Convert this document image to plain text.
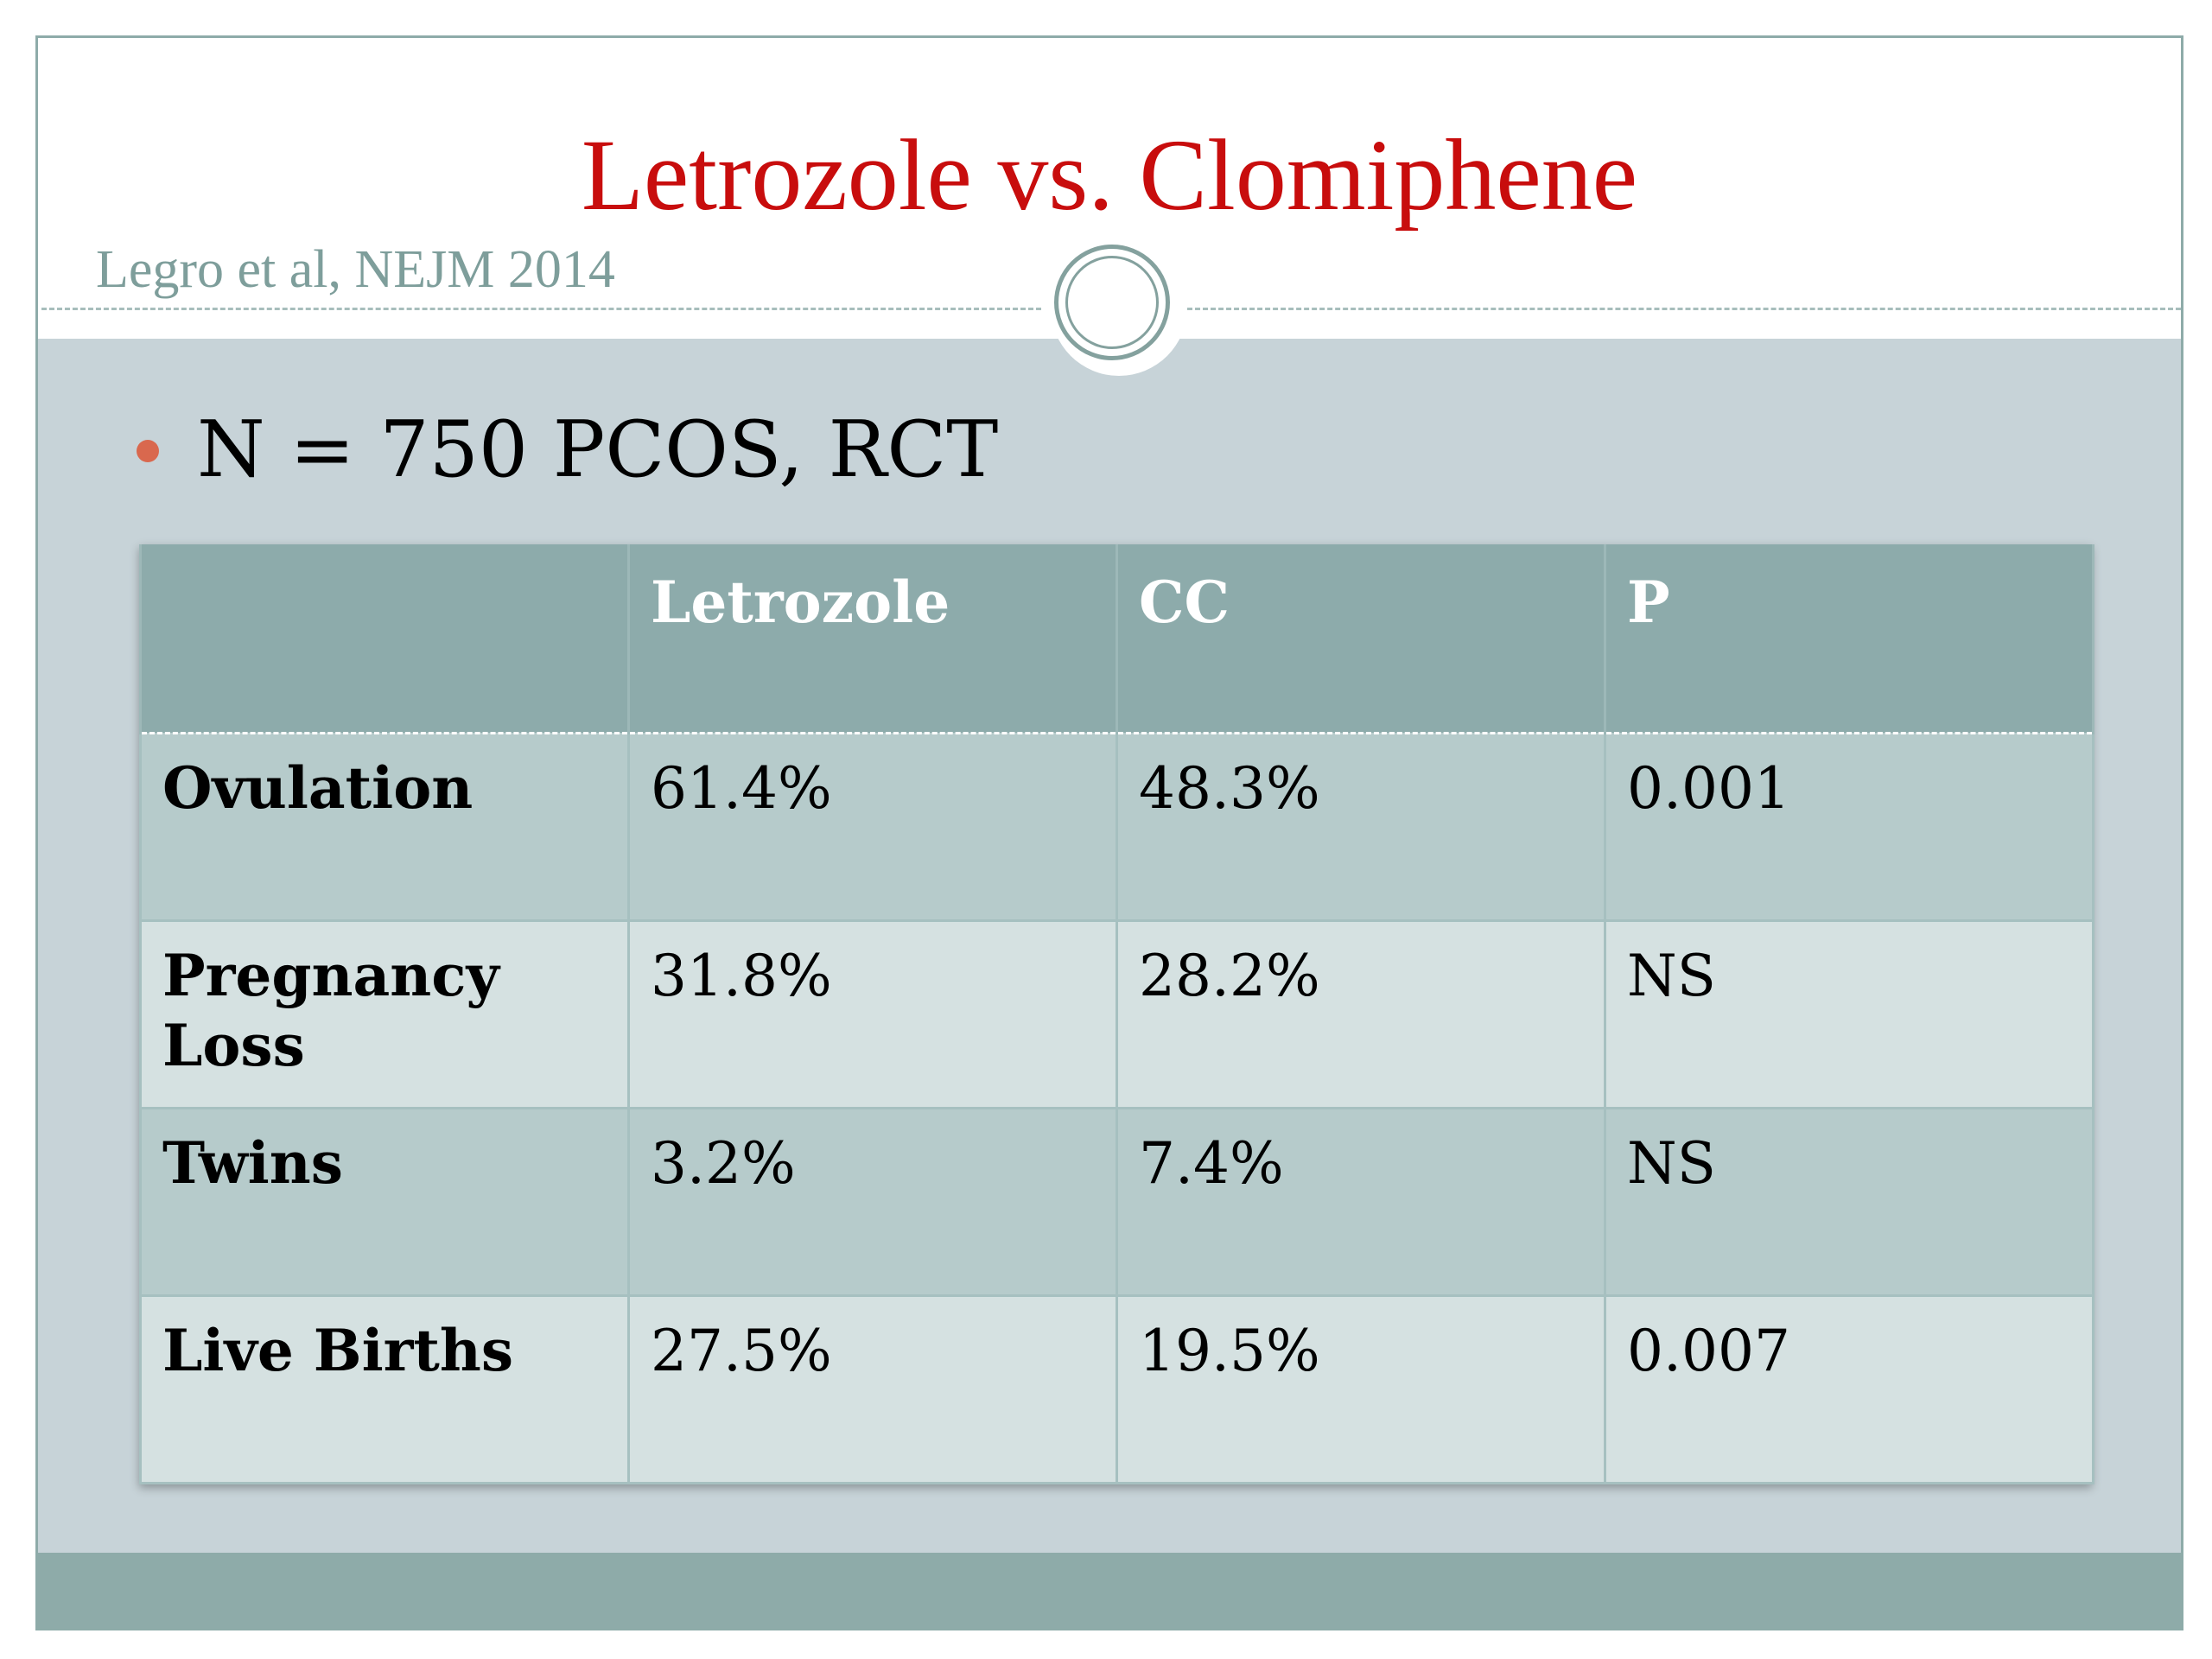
Letrozole vs. Clomiphene
Legro et al, NEJM 2014
N = 750 PCOS, RCT

	Letrozole	CC	P

Ovulation	61.4%	48.3%	0.001

Pregnancy Loss	31.8%	28.2%	NS

Twins	3.2%	7.4%	NS

Live Births	27.5%	19.5%	0.007
